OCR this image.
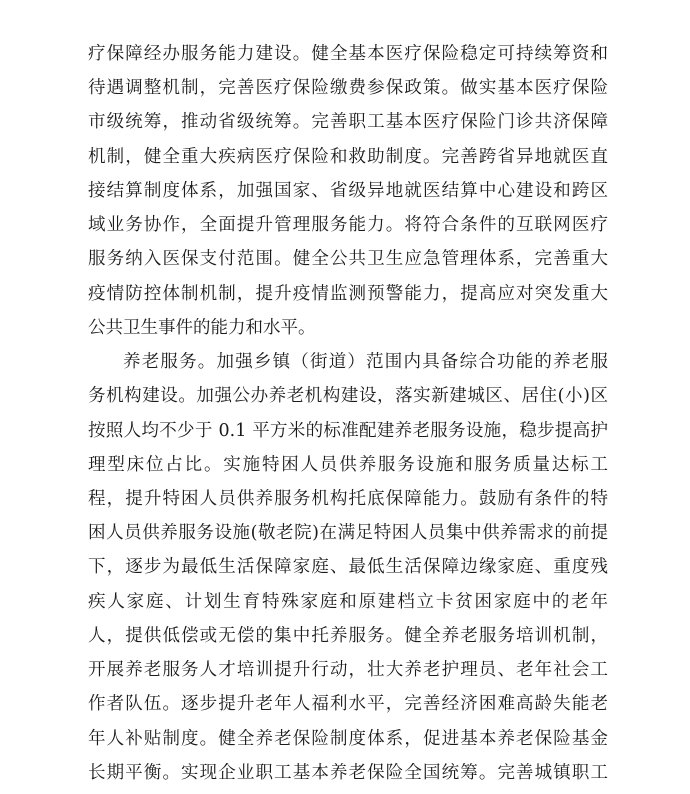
疗保障经办服务能力建设。健全基本医疗保险稳定可持续筹资和
待遇调整机制，完善医疗保险缴费参保政策。做实基本医疗保险
市级统筹，推动省级统筹。完善职工基本医疗保险门诊共济保障
机制，健全重大疾病医疗保险和救助制度。完善跨省异地就医直
接结算制度体系，加强国家、省级异地就医结算中心建设和跨区
域业务协作，全面提升管理服务能力。将符合条件的互联网医疗
服务纳入医保支付范围。健全公共卫生应急管理体系，完善重大
疫情防控体制机制，提升疫情监测预警能力，提高应对突发重大
公共卫生事件的能力和水平。
养老服务。加强乡镇（街道）范围内具备综合功能的养老服
务机构建设。加强公办养老机构建设，落实新建城区、居住(小)区
按照人均不少于 0.1 平方米的标准配建养老服务设施，稳步提高护
理型床位占比。实施特困人员供养服务设施和服务质量达标工
程，提升特困人员供养服务机构托底保障能力。鼓励有条件的特
困人员供养服务设施(敬老院)在满足特困人员集中供养需求的前提
下，逐步为最低生活保障家庭、最低生活保障边缘家庭、重度残
疾人家庭、计划生育特殊家庭和原建档立卡贫困家庭中的老年
人，提供低偿或无偿的集中托养服务。健全养老服务培训机制，
开展养老服务人才培训提升行动，壮大养老护理员、老年社会工
作者队伍。逐步提升老年人福利水平，完善经济困难高龄失能老
年人补贴制度。健全养老保险制度体系，促进基本养老保险基金
长期平衡。实现企业职工基本养老保险全国统筹。完善城镇职工
